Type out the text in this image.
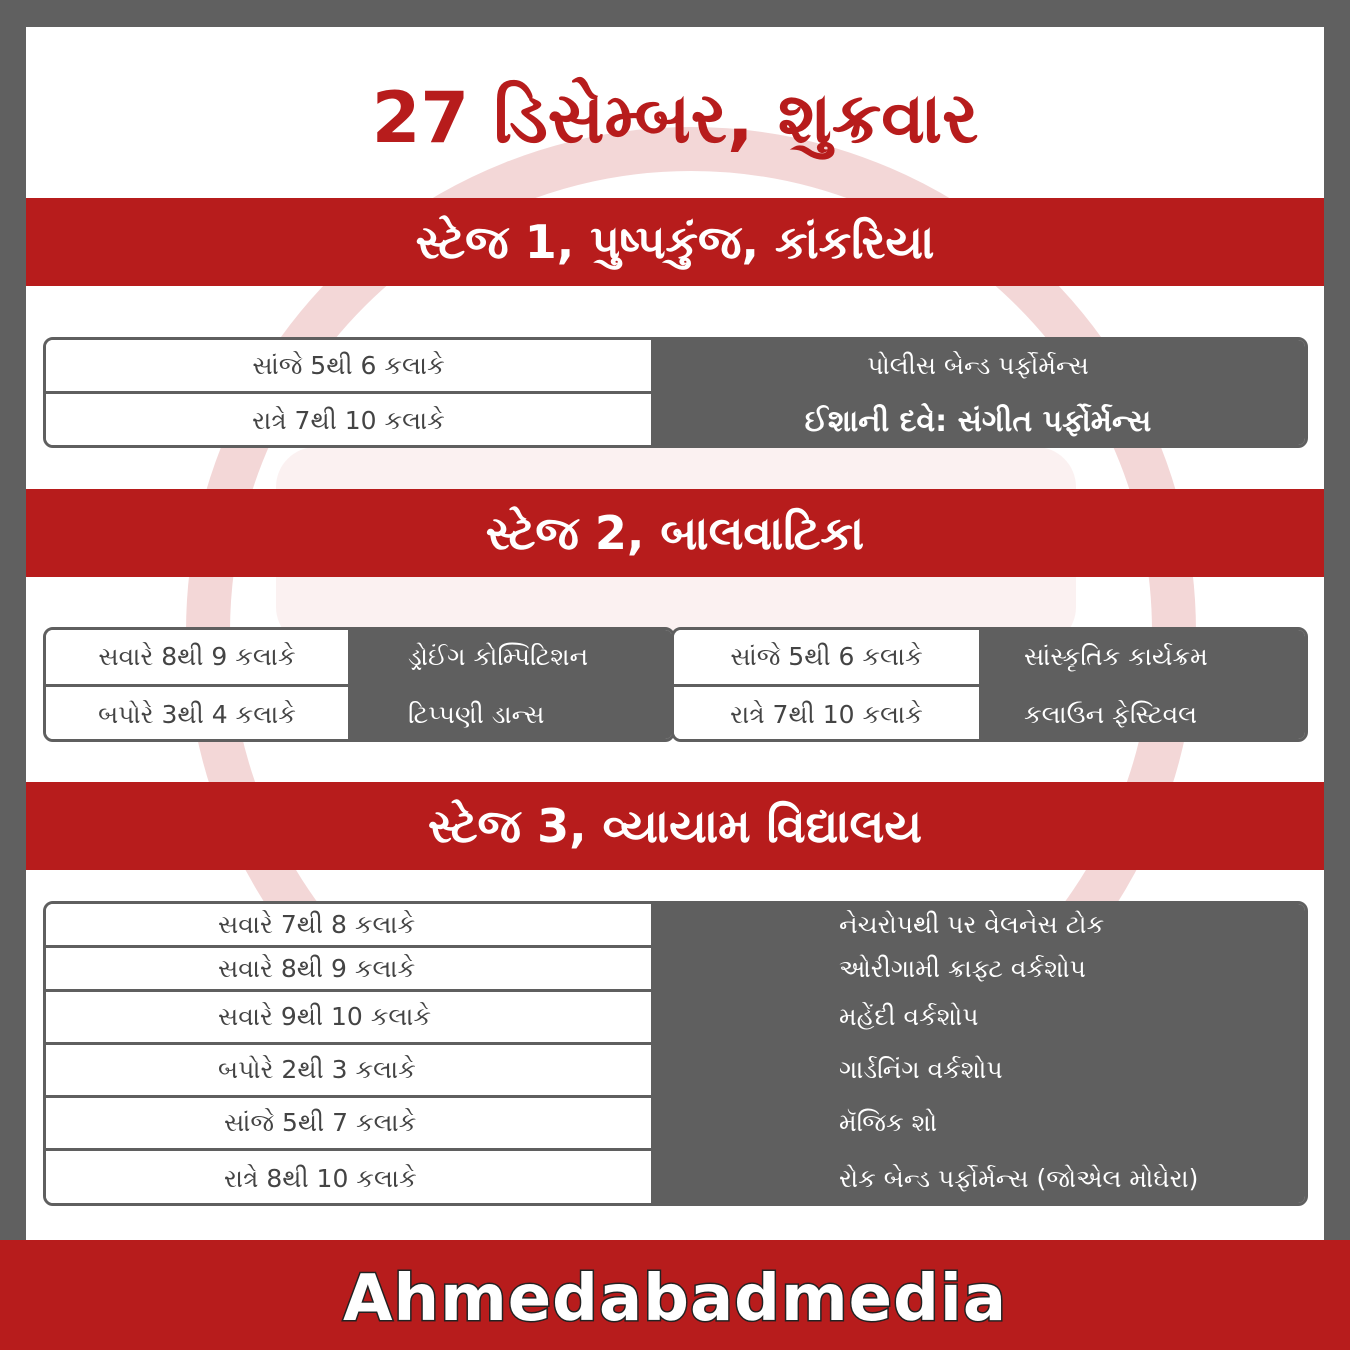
27 ડિસેમ્બર, શુક્રવાર
સ્ટેજ 1, પુષ્પકુંજ, કાંકરિયા
સાંજે 5થી 6 કલાકે	પોલીસ બેન્ડ પર્ફોર્મન્સ
રાત્રે 7થી 10 કલાકે	ઈશાની દવે: સંગીત પર્ફોર્મન્સ
સ્ટેજ 2, બાલવાટિકા
સવારે 8થી 9 કલાકે	ડ્રોઈંગ કોમ્પિટિશન
બપોરે 3થી 4 કલાકે	ટિપ્પણી ડાન્સ
સાંજે 5થી 6 કલાકે	સાંસ્કૃતિક કાર્યક્રમ
રાત્રે 7થી 10 કલાકે	કલાઉન ફેસ્ટિવલ
સ્ટેજ 3, વ્યાયામ વિદ્યાલય
સવારે 7થી 8 કલાકે	નેચરોપથી પર વેલનેસ ટોક
સવારે 8થી 9 કલાકે	ઓરીગામી ક્રાફ્ટ વર્કશોપ
સવારે 9થી 10 કલાકે	મહેંદી વર્કશોપ
બપોરે 2થી 3 કલાકે	ગાર્ડનિંગ વર્કશોપ
સાંજે 5થી 7 કલાકે	મૅજિક શો
રાત્રે 8થી 10 કલાકે	રોક બેન્ડ પર્ફોર્મન્સ (જોએલ મોઘેરા)
Ahmedabadmedia
